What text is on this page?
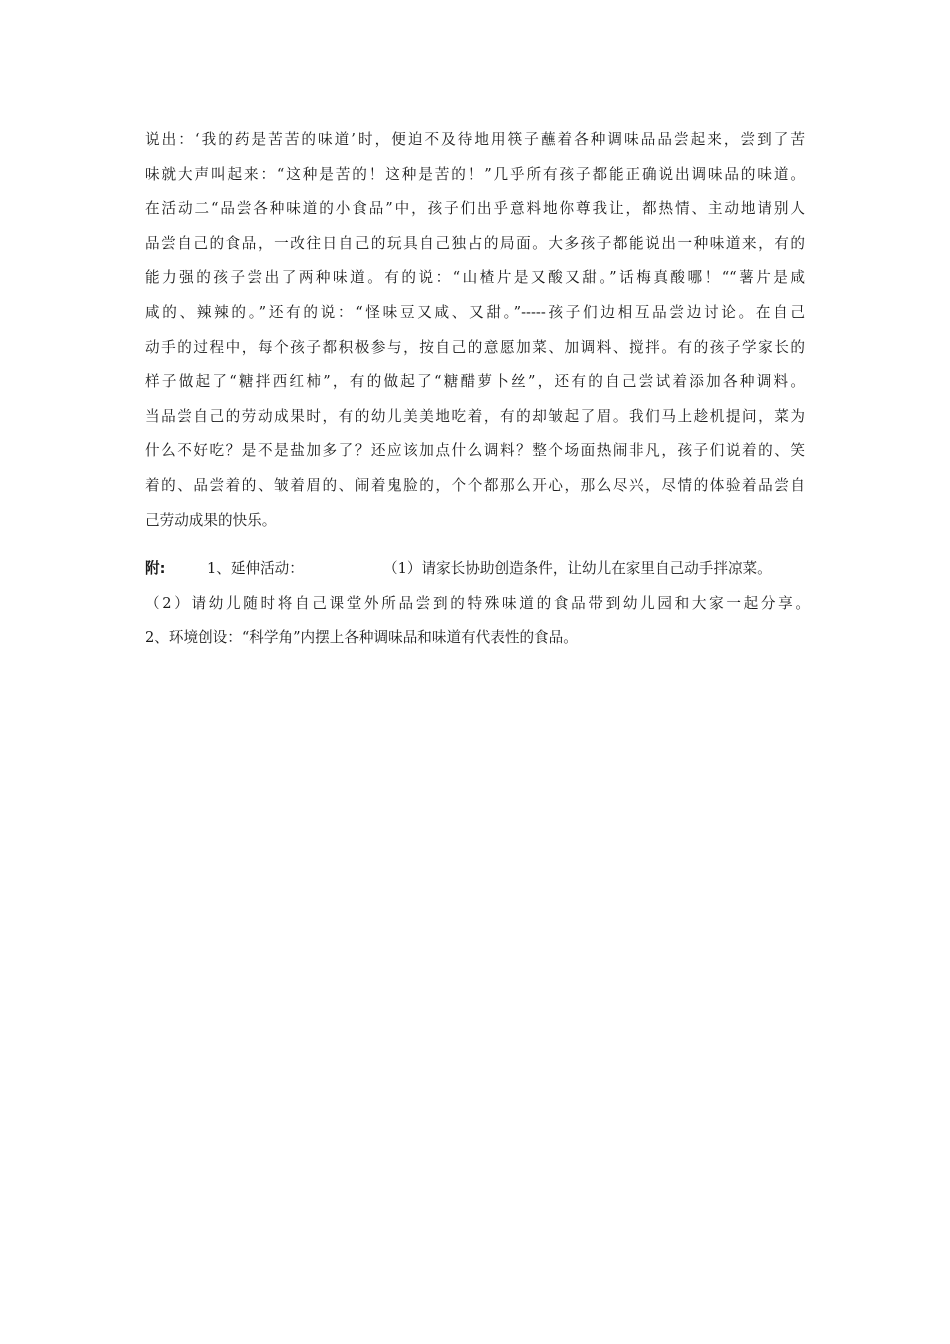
说出：‘我的药是苦苦的味道’时，便迫不及待地用筷子蘸着各种调味品品尝起来，尝到了苦
味就大声叫起来：“这种是苦的！这种是苦的！”几乎所有孩子都能正确说出调味品的味道。
在活动二“品尝各种味道的小食品”中，孩子们出乎意料地你尊我让，都热情、主动地请别人
品尝自己的食品，一改往日自己的玩具自己独占的局面。大多孩子都能说出一种味道来，有的
能力强的孩子尝出了两种味道。有的说：“山楂片是又酸又甜。”话梅真酸哪！““薯片是咸
咸的、辣辣的。”还有的说：“怪味豆又咸、又甜。”-----孩子们边相互品尝边讨论。在自己
动手的过程中，每个孩子都积极参与，按自己的意愿加菜、加调料、搅拌。有的孩子学家长的
样子做起了“糖拌西红柿”，有的做起了“糖醋萝卜丝”，还有的自己尝试着添加各种调料。
当品尝自己的劳动成果时，有的幼儿美美地吃着，有的却皱起了眉。我们马上趁机提问，菜为
什么不好吃？是不是盐加多了？还应该加点什么调料？整个场面热闹非凡，孩子们说着的、笑
着的、品尝着的、皱着眉的、闹着鬼脸的，个个都那么开心，那么尽兴，尽情的体验着品尝自
己劳动成果的快乐。
附:	1、延伸活动：	（1）请家长协助创造条件，让幼儿在家里自己动手拌凉菜。
（2）请幼儿随时将自己课堂外所品尝到的特殊味道的食品带到幼儿园和大家一起分享。
2、环境创设：“科学角”内摆上各种调味品和味道有代表性的食品。
